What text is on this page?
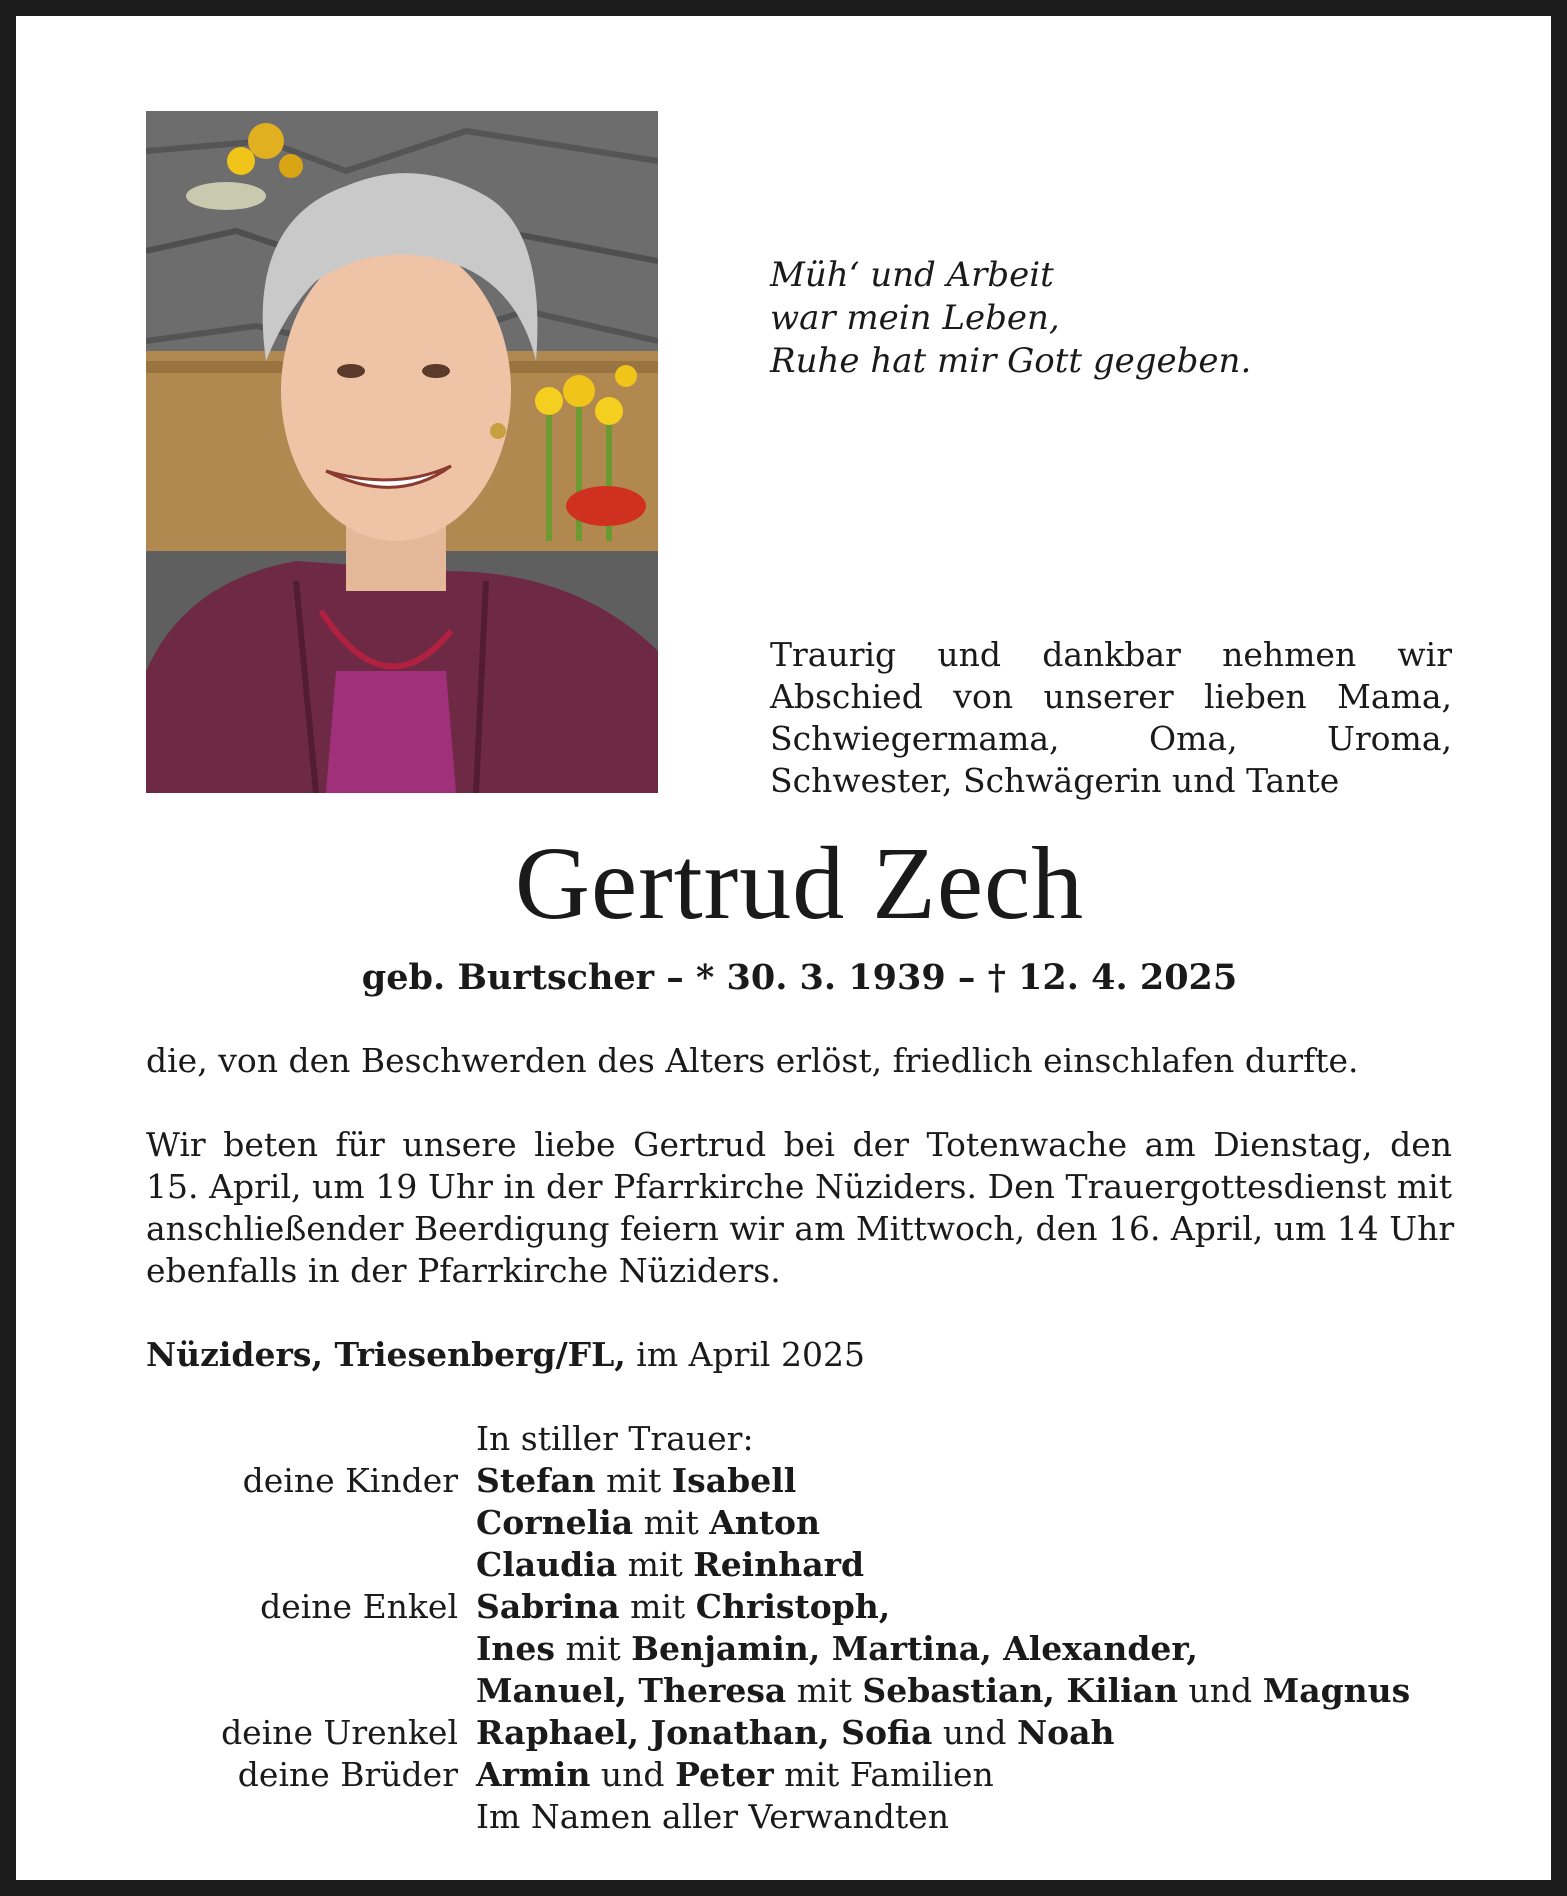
Müh‘ und Arbeit
war mein Leben,
Ruhe hat mir Gott gegeben.
Traurig und dankbar nehmen wir
Abschied von unserer lieben Mama,
Schwiegermama, Oma, Uroma,
Schwester, Schwägerin und Tante
Gertrud Zech
geb. Burtscher – * 30. 3. 1939 – † 12. 4. 2025
die, von den Beschwerden des Alters erlöst, friedlich einschlafen durfte.
Wir beten für unsere liebe Gertrud bei der Totenwache am Dienstag, den
15. April, um 19 Uhr in der Pfarrkirche Nüziders. Den Trauergottesdienst mit
anschließender Beerdigung feiern wir am Mittwoch, den 16. April, um 14 Uhr
ebenfalls in der Pfarrkirche Nüziders.
Nüziders, Triesenberg/FL, im April 2025
In stiller Trauer:
deine Kinder Stefan mit Isabell
Cornelia mit Anton
Claudia mit Reinhard
deine Enkel Sabrina mit Christoph,
Ines mit Benjamin, Martina, Alexander,
Manuel, Theresa mit Sebastian, Kilian und Magnus
deine Urenkel Raphael, Jonathan, Sofia und Noah
deine Brüder Armin und Peter mit Familien
Im Namen aller Verwandten
